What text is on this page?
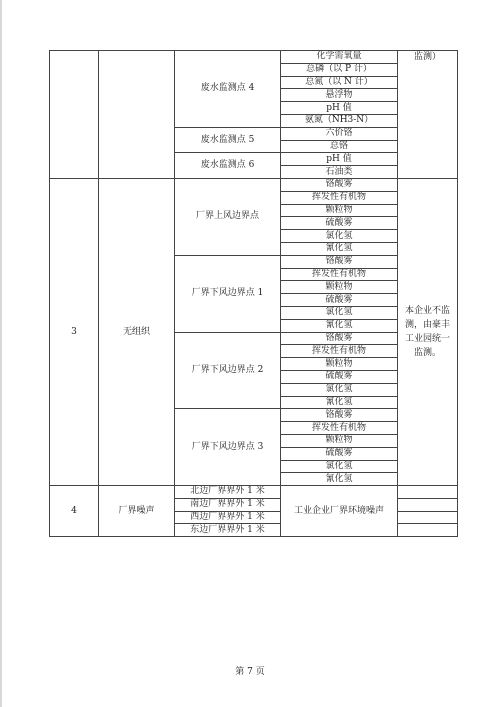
		废水监测点 4	化学需氧量	监测）
			总磷（以 P 计）	
			总氮（以 N 计）	
			悬浮物	
			pH 值	
			氨氮（NH3-N）	
		废水监测点 5	六价铬	
			总铬	
		废水监测点 6	pH 值	
			石油类	
3	无组织	厂界上风边界点	铬酸雾	本企业不监测，由豪丰工业园统一监测。
			挥发性有机物	
			颗粒物	
			硫酸雾	
			氯化氢	
			氰化氢	
		厂界下风边界点 1	铬酸雾	
			挥发性有机物	
			颗粒物	
			硫酸雾	
			氯化氢	
			氰化氢	
		厂界下风边界点 2	铬酸雾	
			挥发性有机物	
			颗粒物	
			硫酸雾	
			氯化氢	
			氰化氢	
		厂界下风边界点 3	铬酸雾	
			挥发性有机物	
			颗粒物	
			硫酸雾	
			氯化氢	
			氰化氢	
4	厂界噪声	北边厂界界外 1 米	工业企业厂界环境噪声	
		南边厂界界外 1 米		
		西边厂界界外 1 米		
		东边厂界界外 1 米		
第 7 页
